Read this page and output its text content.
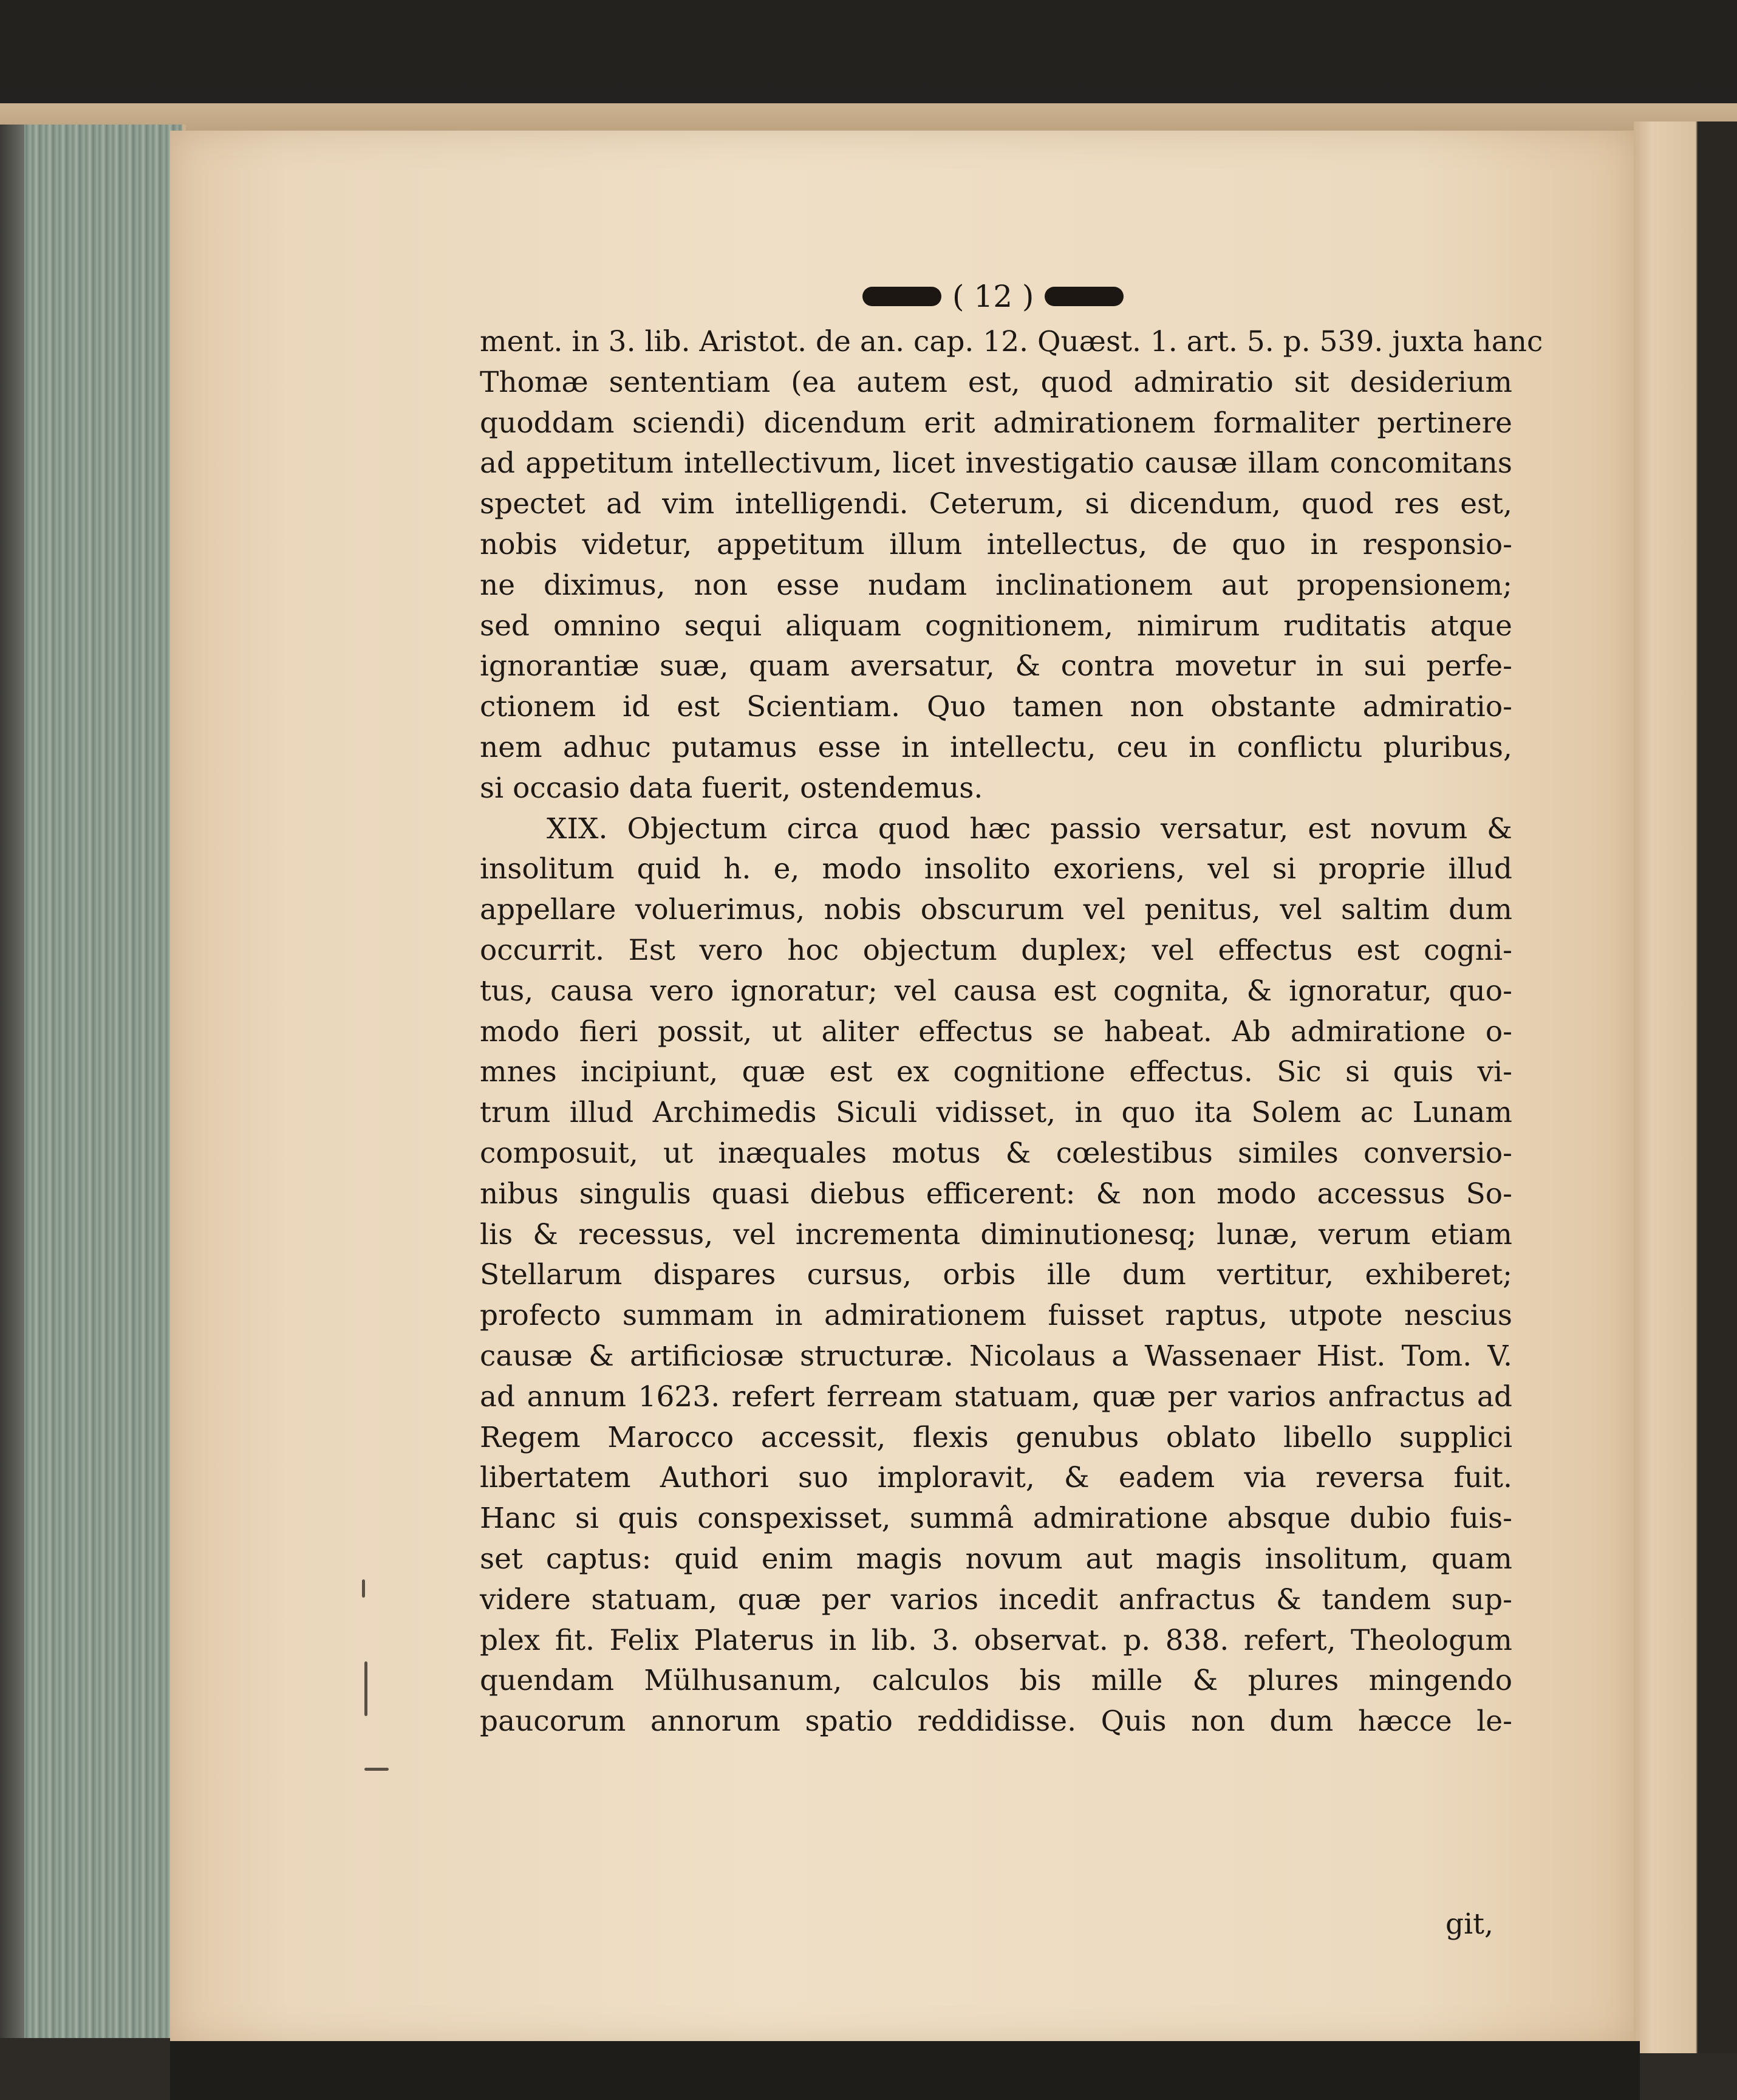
( 12 )
ment. in 3. lib. Aristot. de an. cap. 12. Quæst. 1. art. 5. p. 539. juxta hanc
Thomæ sententiam (ea autem est, quod admiratio sit desiderium
quoddam sciendi) dicendum erit admirationem formaliter pertinere
ad appetitum intellectivum, licet investigatio causæ illam concomitans
spectet ad vim intelligendi. Ceterum, si dicendum, quod res est,
nobis videtur, appetitum illum intellectus, de quo in responsio-
ne diximus, non esse nudam inclinationem aut propensionem;
sed omnino sequi aliquam cognitionem, nimirum ruditatis atque
ignorantiæ suæ, quam aversatur, & contra movetur in sui perfe-
ctionem id est Scientiam. Quo tamen non obstante admiratio-
nem adhuc putamus esse in intellectu, ceu in conflictu pluribus,
si occasio data fuerit, ostendemus.
XIX. Objectum circa quod hæc passio versatur, est novum &
insolitum quid h. e, modo insolito exoriens, vel si proprie illud
appellare voluerimus, nobis obscurum vel penitus, vel saltim dum
occurrit. Est vero hoc objectum duplex; vel effectus est cogni-
tus, causa vero ignoratur; vel causa est cognita, & ignoratur, quo-
modo fieri possit, ut aliter effectus se habeat. Ab admiratione o-
mnes incipiunt, quæ est ex cognitione effectus. Sic si quis vi-
trum illud Archimedis Siculi vidisset, in quo ita Solem ac Lunam
composuit, ut inæquales motus & cœlestibus similes conversio-
nibus singulis quasi diebus efficerent: & non modo accessus So-
lis & recessus, vel incrementa diminutionesq; lunæ, verum etiam
Stellarum dispares cursus, orbis ille dum vertitur, exhiberet;
profecto summam in admirationem fuisset raptus, utpote nescius
causæ & artificiosæ structuræ. Nicolaus a Wassenaer Hist. Tom. V.
ad annum 1623. refert ferream statuam, quæ per varios anfractus ad
Regem Marocco accessit, flexis genubus oblato libello supplici
libertatem Authori suo imploravit, & eadem via reversa fuit.
Hanc si quis conspexisset, summâ admiratione absque dubio fuis-
set captus: quid enim magis novum aut magis insolitum, quam
videre statuam, quæ per varios incedit anfractus & tandem sup-
plex fit. Felix Platerus in lib. 3. observat. p. 838. refert, Theologum
quendam Mülhusanum, calculos bis mille & plures mingendo
paucorum annorum spatio reddidisse. Quis non dum hæcce le-
git,
